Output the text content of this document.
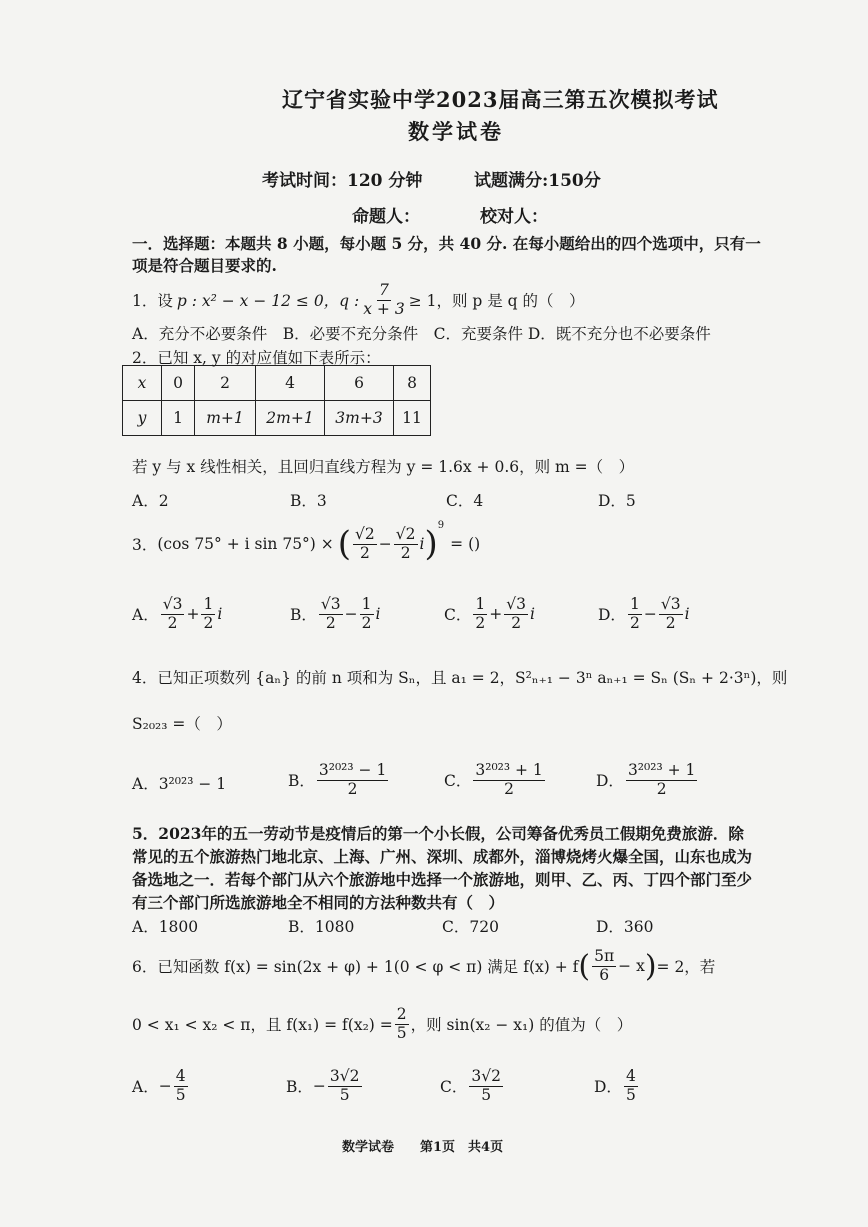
辽宁省实验中学2023届高三第五次模拟考试
数学试卷
考试时间：120 分钟	试题满分:150分
命题人：	校对人：
一．选择题：本题共 8 小题，每小题 5 分，共 40 分. 在每小题给出的四个选项中，只有一
项是符合题目要求的.
1．设 p : x² − x − 12 ≤ 0，q : $\frac{7}{x + 3} \ge 1$，则 p 是 q 的（　）
A．充分不必要条件　B．必要不充分条件　C．充要条件 D．既不充分也不必要条件
2．已知 x, y 的对应值如下表所示：
x	0	2	4	6	8
y	1	m+1	2m+1	3m+3	11
若 y 与 x 线性相关，且回归直线方程为 y = 1.6x + 0.6，则 m =（　）
A．2	B．3	C．4	D．5
3． (cos 75° + i sin 75°) × ( $\frac{√2}{2} - \frac{√2}{2}$ i )$^9$
= ()
A． $\frac{√3}{2} + \frac{1}{2}$ i	B． $\frac{√3}{2} - \frac{1}{2}$ i	C． $\frac{1}{2} + \frac{√3}{2}$ i	D． $\frac{1}{2} - \frac{√3}{2}$ i
4．已知正项数列 {aₙ} 的前 n 项和为 Sₙ，且 a₁ = 2，S²ₙ₊₁ − 3ⁿ aₙ₊₁ = Sₙ (Sₙ + 2·3ⁿ)，则
S₂₀₂₃ =（　）
A．3²⁰²³ − 1	B． $\frac{\text{3²⁰²³ − 1}}{2}$	C． $\frac{\text{3²⁰²³ + 1}}{2}$	D． $\frac{\text{3²⁰²³ + 1}}{2}$
5．2023年的五一劳动节是疫情后的第一个小长假，公司筹备优秀员工假期免费旅游．除
常见的五个旅游热门地北京、上海、广州、深圳、成都外，淄博烧烤火爆全国，山东也成为
备选地之一．若每个部门从六个旅游地中选择一个旅游地，则甲、乙、丙、丁四个部门至少
有三个部门所选旅游地全不相同的方法种数共有（　）
A．1800	B．1080	C．720	D．360
6．已知函数 f(x) = sin(2x + φ) + 1(0 < φ < π) 满足 f(x) + f ( $\frac{5\pi}{6} - x$ ) = 2，若
0 < x₁ < x₂ < π，且 $f(x_1) = f(x_2) = \frac{2}{5}$ ，则 sin(x₂ − x₁) 的值为（　）
A． − $\frac{4}{5}$	B． − $\frac{3√2}{5}$	C． $\frac{3√2}{5}$	D． $\frac{4}{5}$
数学试卷　　第1页　共4页
